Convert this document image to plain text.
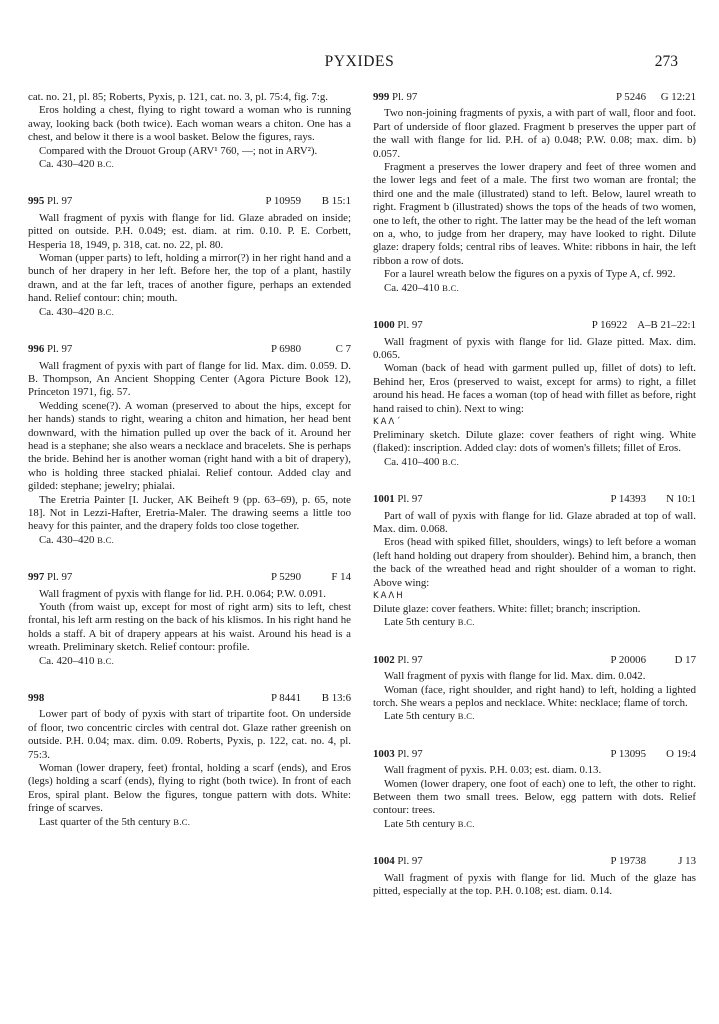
PYXIDES	273

cat. no. 21, pl. 85; Roberts, Pyxis, p. 121, cat. no. 3, pl. 75:4, fig. 7:g.

Eros holding a chest, flying to right toward a woman who is running away, looking back (both twice). Each woman wears a chiton. One has a chest, and below it there is a wool basket. Below the figures, rays.

Compared with the Drouot Group (ARV¹ 760, —; not in ARV²).

Ca. 430–420 B.C.

995 Pl. 97	P 10959 B 15:1

Wall fragment of pyxis with flange for lid. Glaze abraded on inside; pitted on outside. P.H. 0.049; est. diam. at rim. 0.10. P. E. Corbett, Hesperia 18, 1949, p. 318, cat. no. 22, pl. 80.

Woman (upper parts) to left, holding a mirror(?) in her right hand and a bunch of her drapery in her left. Before her, the top of a plant, hastily drawn, and at the far left, traces of another figure, perhaps an extended hand. Relief contour: chin; mouth.

Ca. 430–420 B.C.

996 Pl. 97	P 6980	C 7

Wall fragment of pyxis with part of flange for lid. Max. dim. 0.059. D. B. Thompson, An Ancient Shopping Center (Agora Picture Book 12), Princeton 1971, fig. 57.

Wedding scene(?). A woman (preserved to about the hips, except for her hands) stands to right, wearing a chiton and himation, her head bent downward, with the himation pulled up over the back of it. Around her head is a stephane; she also wears a necklace and bracelets. She is perhaps the bride. Behind her is another woman (right hand with a bit of drapery), who is holding three stacked phialai. Relief contour. Added clay and gilded: stephane; jewelry; phialai.

The Eretria Painter [I. Jucker, AK Beiheft 9 (pp. 63–69), p. 65, note 18]. Not in Lezzi-Hafter, Eretria-Maler. The drawing seems a little too heavy for this painter, and the drapery folds too close together.

Ca. 430–420 B.C.

997 Pl. 97	P 5290	F 14

Wall fragment of pyxis with flange for lid. P.H. 0.064; P.W. 0.091.

Youth (from waist up, except for most of right arm) sits to left, chest frontal, his left arm resting on the back of his klismos. In his right hand he holds a staff. A bit of drapery appears at his waist. Around his head is a wreath. Preliminary sketch. Relief contour: profile.

Ca. 420–410 B.C.

998	P 8441 B 13:6

Lower part of body of pyxis with start of tripartite foot. On underside of floor, two concentric circles with central dot. Glaze rather greenish on outside. P.H. 0.04; max. dim. 0.09. Roberts, Pyxis, p. 122, cat. no. 4, pl. 75:3.

Woman (lower drapery, feet) frontal, holding a scarf (ends), and Eros (legs) holding a scarf (ends), flying to right (both twice). In front of each Eros, spiral plant. Below the figures, tongue pattern with dots. White: fringe of scarves.

Last quarter of the 5th century B.C.

999 Pl. 97	P 5246 G 12:21

Two non-joining fragments of pyxis, a with part of wall, floor and foot. Part of underside of floor glazed. Fragment b preserves the upper part of the wall with flange for lid. P.H. of a) 0.048; P.W. 0.08; max. dim. b) 0.057.

Fragment a preserves the lower drapery and feet of three women and the lower legs and feet of a male. The first two woman are frontal; the third one and the male (illustrated) stand to left. Below, laurel wreath to right. Fragment b (illustrated) shows the tops of the heads of two women, one to left, the other to right. The latter may be the head of the left woman on a, who, to judge from her drapery, may have looked to right. Dilute glaze: drapery folds; central ribs of leaves. White: ribbons in hair, the left ribbon a row of dots.

For a laurel wreath below the figures on a pyxis of Type A, cf. 992.

Ca. 420–410 B.C.

1000 Pl. 97	P 16922 A–B 21–22:1

Wall fragment of pyxis with flange for lid. Glaze pitted. Max. dim. 0.065.

Woman (back of head with garment pulled up, fillet of dots) to left. Behind her, Eros (preserved to waist, except for arms) to right, a fillet around his head. He faces a woman (top of head with fillet as before, right hand raised to chin). Next to wing:

ΚΑΛ΄

Preliminary sketch. Dilute glaze: cover feathers of right wing. White (flaked): inscription. Added clay: dots of women's fillets; fillet of Eros.

Ca. 410–400 B.C.

1001 Pl. 97	P 14393 N 10:1

Part of wall of pyxis with flange for lid. Glaze abraded at top of wall. Max. dim. 0.068.

Eros (head with spiked fillet, shoulders, wings) to left before a woman (left hand holding out drapery from shoulder). Behind him, a branch, then the back of the wreathed head and right shoulder of a woman to right. Above wing:

ΚΑΛΗ

Dilute glaze: cover feathers. White: fillet; branch; inscription.

Late 5th century B.C.

1002 Pl. 97	P 20006	D 17

Wall fragment of pyxis with flange for lid. Max. dim. 0.042.

Woman (face, right shoulder, and right hand) to left, holding a lighted torch. She wears a peplos and necklace. White: necklace; flame of torch.

Late 5th century B.C.

1003 Pl. 97	P 13095 O 19:4

Wall fragment of pyxis. P.H. 0.03; est. diam. 0.13.

Women (lower drapery, one foot of each) one to left, the other to right. Between them two small trees. Below, egg pattern with dots. Relief contour: trees.

Late 5th century B.C.

1004 Pl. 97	P 19738	J 13

Wall fragment of pyxis with flange for lid. Much of the glaze has pitted, especially at the top. P.H. 0.108; est. diam. 0.14.
